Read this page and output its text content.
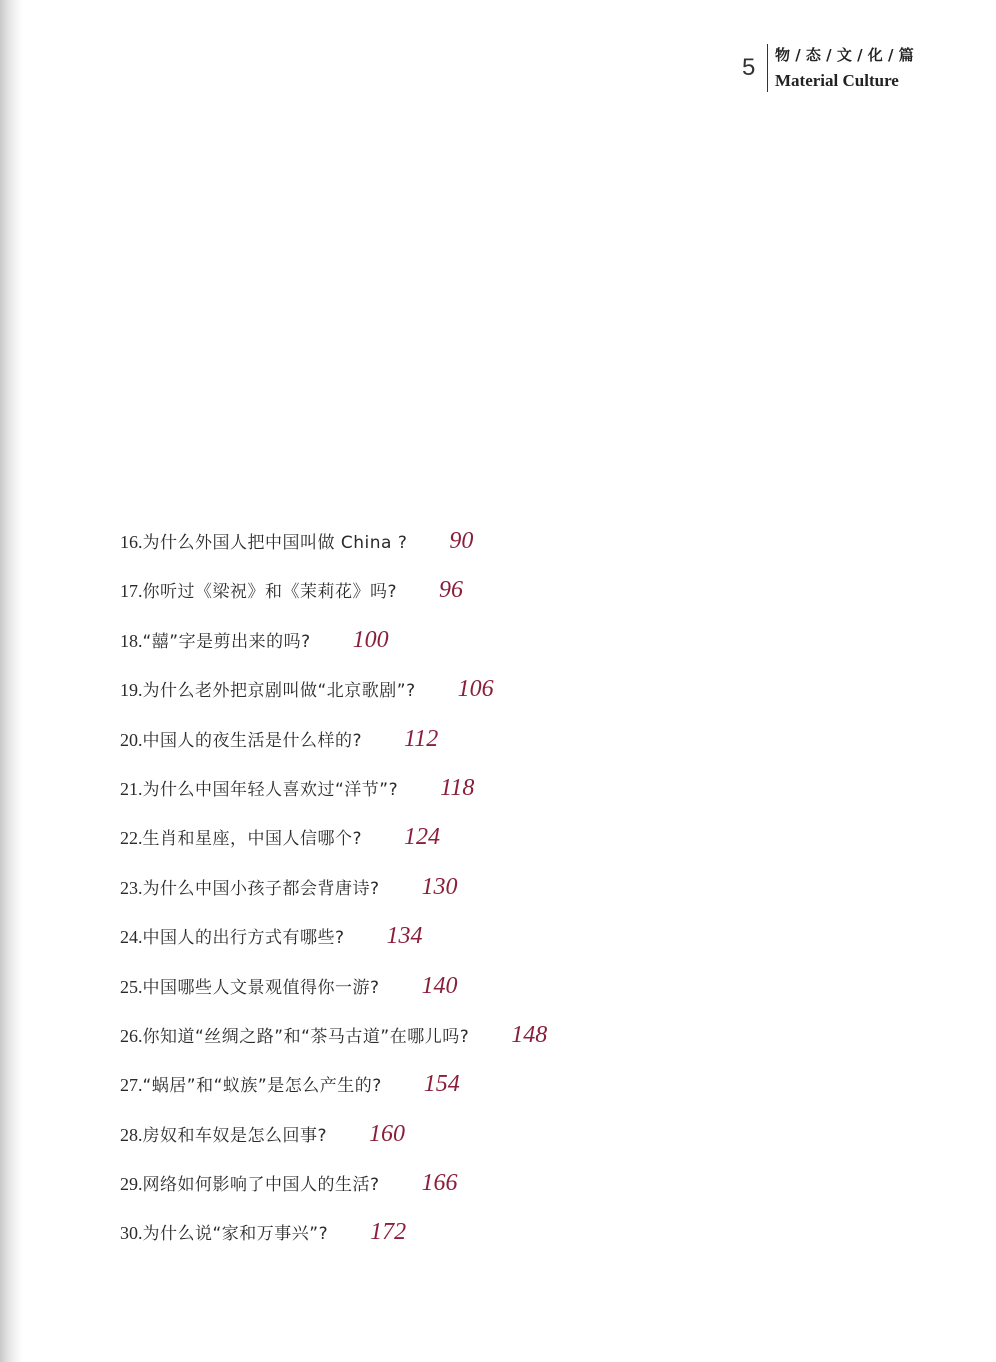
5 物 / 态 / 文 / 化 / 篇
Material Culture
16. 为什么外国人把中国叫做 China ? 90
17. 你听过《梁祝》和《茉莉花》吗? 96
18. “囍”字是剪出来的吗? 100
19. 为什么老外把京剧叫做“北京歌剧”? 106
20. 中国人的夜生活是什么样的? 112
21. 为什么中国年轻人喜欢过“洋节”? 118
22. 生肖和星座，中国人信哪个? 124
23. 为什么中国小孩子都会背唐诗? 130
24. 中国人的出行方式有哪些? 134
25. 中国哪些人文景观值得你一游? 140
26. 你知道“丝绸之路”和“茶马古道”在哪儿吗? 148
27. “蜗居”和“蚁族”是怎么产生的? 154
28. 房奴和车奴是怎么回事? 160
29. 网络如何影响了中国人的生活? 166
30. 为什么说“家和万事兴”? 172
